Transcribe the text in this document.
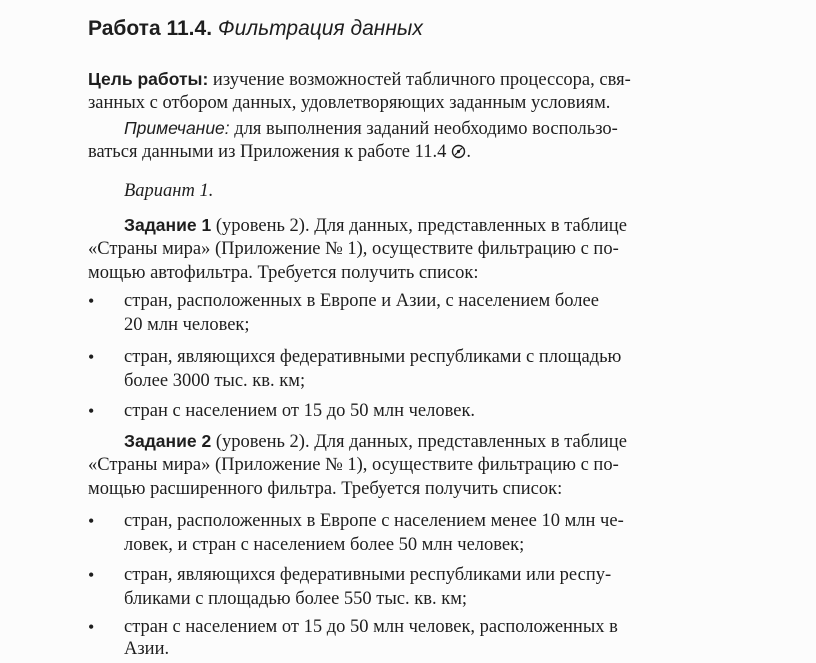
Работа 11.4. Фильтрация данных
Цель работы: изучение возможностей табличного процессора, свя-
занных с отбором данных, удовлетворяющих заданным условиям.
Примечание: для выполнения заданий необходимо воспользо-
ваться данными из Приложения к работе 11.4 .
Вариант 1.
Задание 1 (уровень 2). Для данных, представленных в таблице
«Страны мира» (Приложение № 1), осуществите фильтрацию с по-
мощью автофильтра. Требуется получить список:
• стран, расположенных в Европе и Азии, с населением более
20 млн человек;
• стран, являющихся федеративными республиками с площадью
более 3000 тыс. кв. км;
• стран с населением от 15 до 50 млн человек.
Задание 2 (уровень 2). Для данных, представленных в таблице
«Страны мира» (Приложение № 1), осуществите фильтрацию с по-
мощью расширенного фильтра. Требуется получить список:
• стран, расположенных в Европе с населением менее 10 млн че-
ловек, и стран с населением более 50 млн человек;
• стран, являющихся федеративными республиками или респу-
бликами с площадью более 550 тыс. кв. км;
• стран с населением от 15 до 50 млн человек, расположенных в
Азии.
